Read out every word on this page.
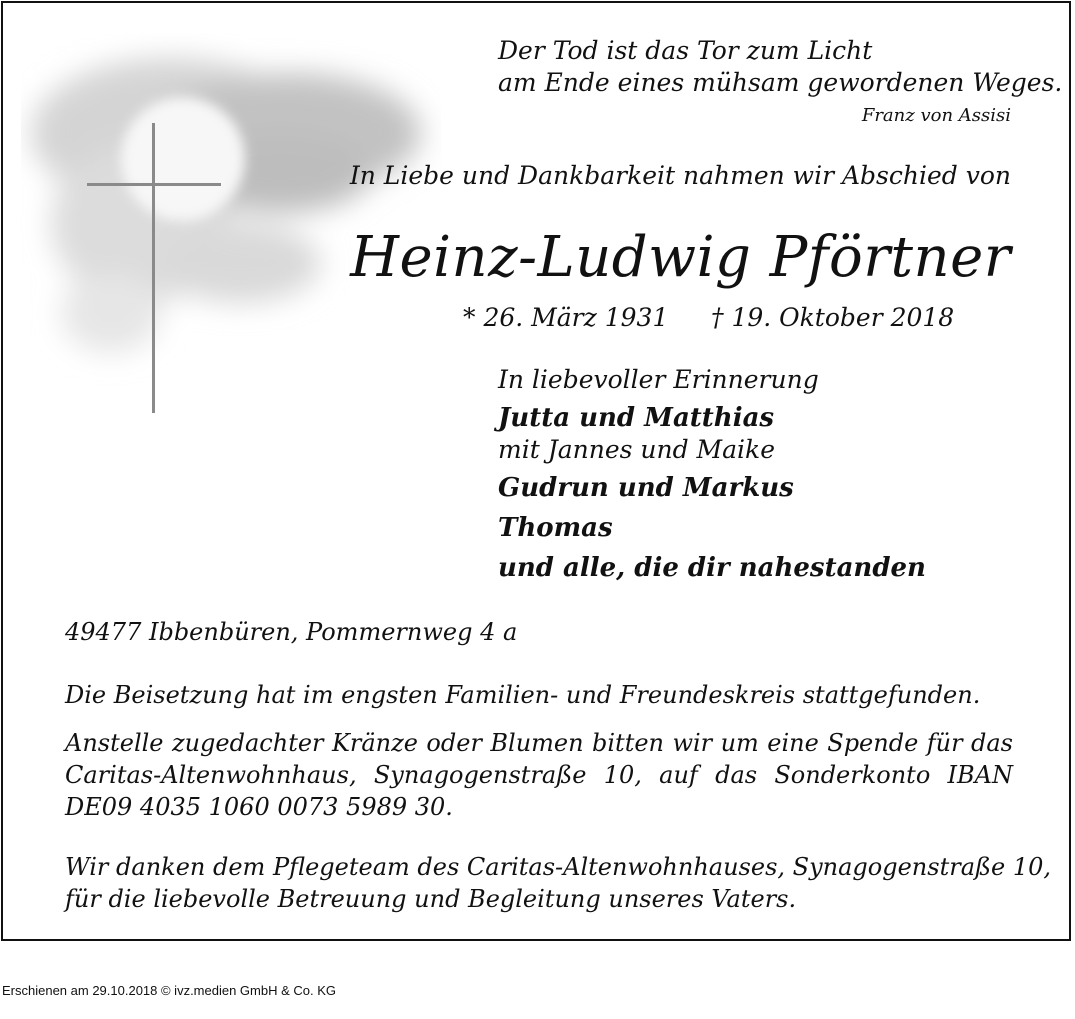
Der Tod ist das Tor zum Licht
am Ende eines mühsam gewordenen Weges.
Franz von Assisi
In Liebe und Dankbarkeit nahmen wir Abschied von
Heinz-Ludwig Pförtner
* 26. März 1931 † 19. Oktober 2018
In liebevoller Erinnerung
Jutta und Matthias
mit Jannes und Maike
Gudrun und Markus
Thomas
und alle, die dir nahestanden
49477 Ibbenbüren, Pommernweg 4 a
Die Beisetzung hat im engsten Familien- und Freundeskreis stattgefunden.
Anstelle zugedachter Kränze oder Blumen bitten wir um eine Spende für das Caritas-Altenwohnhaus, Synagogenstraße 10, auf das Sonderkonto IBAN DE09 4035 1060 0073 5989 30.
Wir danken dem Pflegeteam des Caritas-Altenwohnhauses, Synagogenstraße 10,
für die liebevolle Betreuung und Begleitung unseres Vaters.
Erschienen am 29.10.2018 © ivz.medien GmbH & Co. KG
